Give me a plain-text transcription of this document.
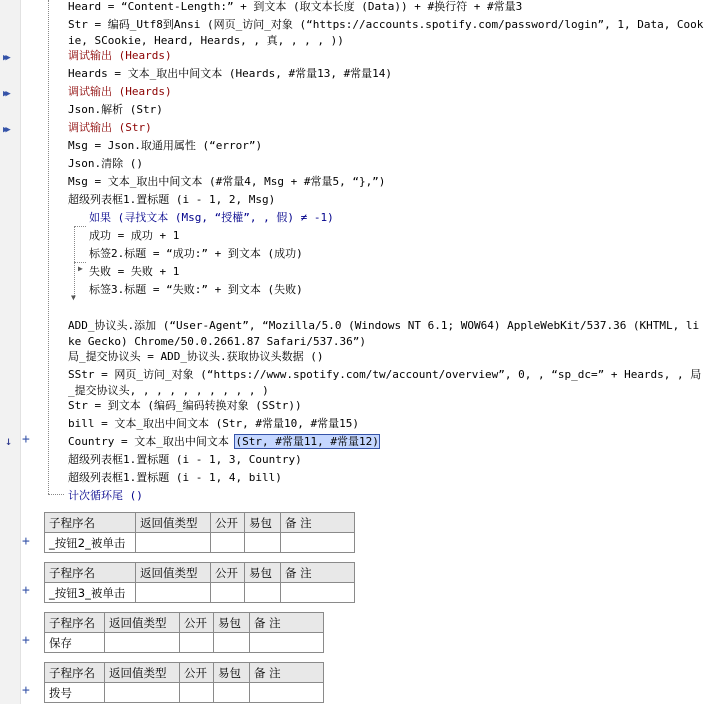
▶▶
▶▶
▶▶
↓ +
+
+
+
+
▶
▼
Heard = “Content-Length:” + 到文本 (取文本长度 (Data)) + #换行符 + #常量3
Str = 编码_Utf8到Ansi (网页_访问_对象 (“https://accounts.spotify.com/password/login”, 1, Data, Cookie, SCookie, Heard, Heards, , 真, , , , ))
调试输出 (Heards)
Heards = 文本_取出中间文本 (Heards, #常量13, #常量14)
调试输出 (Heards)
Json.解析 (Str)
调试输出 (Str)
Msg = Json.取通用属性 (“error”)
Json.清除 ()
Msg = 文本_取出中间文本 (#常量4, Msg + #常量5, “},”)
超级列表框1.置标题 (i - 1, 2, Msg)
如果 (寻找文本 (Msg, “授權”, , 假) ≠ -1)
成功 = 成功 + 1
标签2.标题 = “成功:” + 到文本 (成功)
失败 = 失败 + 1
标签3.标题 = “失败:” + 到文本 (失败)
ADD_协议头.添加 (“User-Agent”, “Mozilla/5.0 (Windows NT 6.1; WOW64) AppleWebKit/537.36 (KHTML, like Gecko) Chrome/50.0.2661.87 Safari/537.36”)
局_提交协议头 = ADD_协议头.获取协议头数据 ()
SStr = 网页_访问_对象 (“https://www.spotify.com/tw/account/overview”, 0, , “sp_dc=” + Heards, , 局_提交协议头, , , , , , , , , , )
Str = 到文本 (编码_编码转换对象 (SStr))
bill = 文本_取出中间文本 (Str, #常量10, #常量15)
Country = 文本_取出中间文本 (Str, #常量11, #常量12)
超级列表框1.置标题 (i - 1, 3, Country)
超级列表框1.置标题 (i - 1, 4, bill)
计次循环尾 ()
子程序名	返回值类型	公开	易包	备 注
_按钮2_被单击				
子程序名	返回值类型	公开	易包	备 注
_按钮3_被单击				
子程序名	返回值类型	公开	易包	备 注
保存				
子程序名	返回值类型	公开	易包	备 注
拨号				
